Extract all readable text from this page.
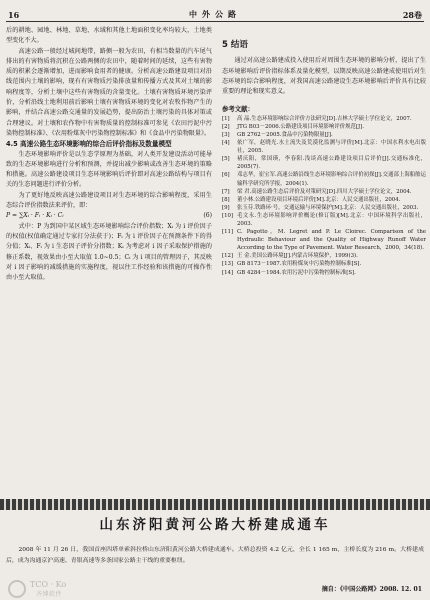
16	中外公路	28卷

后的耕地、园地、林地、草地、水域和其他土地面积变化率均较大，土地类型变化不大。

高速公路一般经过城间地带，路侧一般为农田，有相当数量的汽车尾气排出的有害物质将沉积在公路两侧的农田中，随着时间的延续，这些有害物质的积累会逐渐增加，进而影响食用者的健康。分析高速公路建设项目对沿线范围内土壤的影响，现有有害物质污染排放量和传播方式及其对土壤的影响程度等，分析土壤中这些有害物质的含量变化。土壤有害物质环境污染评价，分析沿线土地利用前后影响土壤有害物质环境的变化对农牧作物产生的影响，并结合高速公路交通量的发展趋势，提出防治土壤污染的具体对策或合理建议。对土壤和农作物中有害物质量的控制标准可参见《农田污泥中污染物控制标准》、《农用粉煤灰中污染物控制标准》和《食品中污染物限量》。

4.5 高速公路生态环境影响的综合后评价指标及数量模型

生态环境影响评价是以生态学原理为基础，对人类开发建设活动可能导致的生态环境影响进行分析和预测，并提出减少影响或改善生态环境的策略和措施。高速公路建设项目生态环境影响后评价即对高速公路结构与项目有关的生态问题进行评价分析。

为了更好地反映高速公路建设项目对生态环境的综合影响程度，采用生态综合评价指数法来评价，即：

P = ∑Xᵢ · Fᵢ · Kᵢ · Cᵢ	(6)

式中：P 为到国中某区域生态环境影响综合评价指数；Xᵢ 为 i 评价因子的权值(权值确定通过专家打分法获于)；Fᵢ 为 i 评价因子在预测条件下的得分值；Xᵢ、Fᵢ 为 i 生态因子评价分指数；Kᵢ 为考虑对 i 因子采取保护措施的修正系数，视效果由小至大取值 1.0~0.5；Cᵢ 为 i 项目的管理因子，其反映对 i 因子影响的减缓措施的实施程度，视以往工作经验和该措施的可操作性由小至大取值。

5 结语

通过对高速公路建成投入使用后对周围生态环境的影响分析，提出了生态环境影响后评价指标体系及量化模型，以期反映高速公路建成使用后对生态环境的综合影响程度，对我国高速公路建设生态环境影响后评价具有比较重要的理论和现实意义。

参考文献：
[1]	高 晶.生态环境影响综合评价方法研究[D].吉林大学硕士学位论文，2007.
[2]	JTG B03－2006.公路建设项目环境影响评价规范[J].
[3]	GB 2762－2005.食品中污染物限量[J].
[4]	依广军，赵晓光.水土流失及荒漠化监测与评价[M].北京：中国水利水电出版社，2005.
[5]	褚庆阳，常国瑛，李春阳.浅谈高速公路建设项目后评价[J].交通标准化，2005(7).
[6]	邓志华，崔宝军.高速公路沿线生态环境影响综合评价初探[J].交通部上海船舶运输科学研究所学报，2004(1).
[7]	梁 君.高速公路生态后评价及对策研究[D].四川大学硕士学位论文，2004.
[8]	董小林.公路建设项目环境后评价[M].北京：人民交通出版社，2004.
[9]	张玉芬.铁路环·号，交通运输与环境保护[M].北京：人民交通出版社，2003.
[10] 毛文永.生态环境影响评价概论(修订版)[M].北京：中国环境科学出版社，2003.
[11] C. Pagotto，M. Legret and P. Le Cloirec. Comparison of the Hydraulic Behaviour and the Quality of Highway Runoff Water According to the Type of Pavement. Water Research，2000，34(18).
[12] 王 金.美国公路环境[J].内蒙古环境保护，1999(3).
[13] GB 8173－1987.农用粉煤灰中污染物控制标准[S].
[14] GB 4284－1984.农用污泥中污染物控制标准[S].
山东济阳黄河公路大桥建成通车

2008 年 11 月 26 日，我国首座四塔单索斜拉桥山东济阳黄河公路大桥建成通车。大桥总投资 4.2 亿元，全长 1 165 m，主桥长度为 216 m。大桥建成后，成为沟通京沪高速、青银高速等多条国家公路主干线的重要枢纽。

摘自：《中国公路网》2008. 12. 01
TCO · Ko
齐博软件
